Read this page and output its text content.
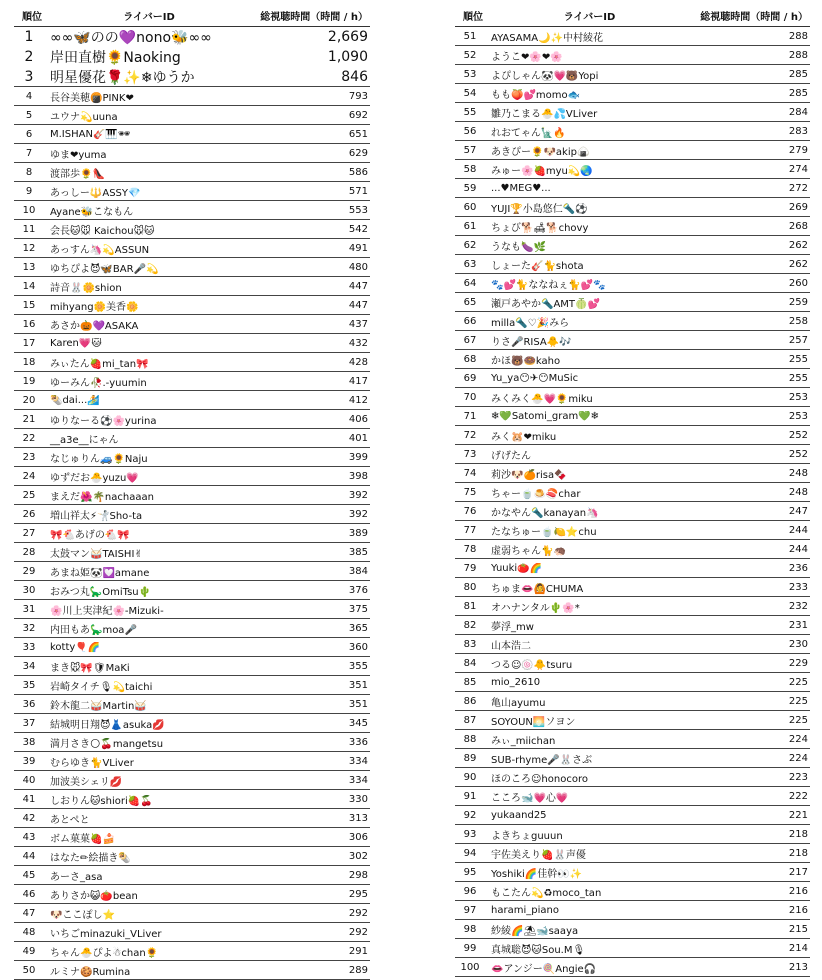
順位	ライバーID	総視聴時間（時間 / h）
1	∞∞🦋のの💜nono🐝∞∞	2,669
2	岸田直樹🌻Naoking	1,090
3	明星優花🌹✨❄ゆうか	846
4	長谷美穂🍘PINK❤	793
5	ユウナ💫uuna	692
6	M.ISHAN🎸🎹🕶	651
7	ゆま❤yuma	629
8	渡部歩🌻👠	586
9	あっしー🔱ASSY💎	571
10	Ayane🐝こなもん	553
11	会長🐱🐭 Kaichou🐭🐱	542
12	あっすん🦄💫ASSUN	491
13	ゆちぴよ😈🦋BAR🎤💫	480
14	詩音🐰🌼shion	447
15	mihyang🌼美香🌼	447
16	あさか🎃💜ASAKA	437
17	Karen💗🐱	432
18	みぃたん🍓mi_tan🎀	428
19	ゆーみん🥀.-yuumin	417
20	🌯dai...🏄	412
21	ゆりなーる⚽🌸yurina	406
22	__a3e__にゃん	401
23	なじゅりん🚙🌻Naju	399
24	ゆずだお🐣yuzu💗	398
25	まえだ🌺🌴nachaaan	392
26	増山祥太⚡🤺Sho-ta	392
27	🎀🐔あげの🐔🎀	389
28	太鼓マン🥁TAISHI✌	385
29	あまね姫🐼💟amane	384
30	おみつ丸🦕OmiTsu🌵	376
31	🌸川上実津紀🌸-Mizuki-	375
32	内田もあ🦕moa🎤	365
33	kotty🎈🌈	360
34	まき🐭🎀🛡MaKi	355
35	岩崎タイチ🎙💫taichi	351
36	鈴木龍二🥁Martin🥁	351
37	結城明日翔😈👗asuka💋	345
38	満月さき🌕🍒mangetsu	336
39	むらゆき🐈VLiver	334
40	加波美シェリ💋	334
41	しおりん🐱shiori🍓🍒	330
42	あとぺと	313
43	ボム菓菓🍓🍰	306
44	はなた✏絵描き🌯	302
45	あーさ_asa	298
46	ありさか😺🍅bean	295
47	🐶ここぽし⭐	292
48	いちごminazuki_VLiver	292
49	ちゃん🐣ぴよ☃chan🌻	291
50	ルミナ🍪Rumina	289
順位	ライバーID	総視聴時間（時間 / h）
51	AYASAMA🌙✨中村綾花	288
52	ようこ❤🌸❤🌸	288
53	よぴしゃん🐼💗🐻Yopi	285
54	もも🍑💕momo🐟	285
55	雛乃こまる🐣💦VLiver	284
56	れおてゃん🗽🔥	283
57	あきぴー🌻🐶akip🍙	279
58	みゅー🌸🍓myu💫🌏	274
59	...♥MEG♥...	272
60	YUJI🏆小島悠仁🔦⚽	269
61	ちょび🐕🛋🐕chovy	268
62	うなも🍆🌿	262
63	しょーた🎸🐈shota	262
64	🐾💕🐈ななねぇ🐈💕🐾	260
65	瀬戸あやか🔦AMT🍈💕	259
66	milla🔦♡🎉みら	258
67	りさ🎤RISA🐥🎶	257
68	かほ🐻🍩kaho	255
69	Yu_ya😶✈😶MuSic	255
70	みくみく🐣💗🌻miku	253
71	❄💚Satomi_gram💚❄	253
72	みく🐹❤miku	252
73	げげたん	252
74	莉沙🐶🍊risa🍫	248
75	ちゃー🍵🍮🍣char	248
76	かなやん🔦kanayan🦄	247
77	たなちゅー🍵🍋⭐chu	244
78	虚弱ちゃん🐈🦔	244
79	Yuuki🍅🌈	236
80	ちゅま👄🙆CHUMA	233
81	オハナンタル🌵🌸*	232
82	夢浮_mw	231
83	山本浩二	230
84	つる☺🍥🐥tsuru	229
85	mio_2610	225
86	亀山ayumu	225
87	SOYOUN🌅ソヨン	225
88	みぃ_miichan	224
89	SUB-rhyme🎤🐰さぶ	224
90	ほのころ☺honocoro	223
91	こころ🐋💗心💗	222
92	yukaand25	221
93	よきちょguuun	218
94	宇佐美えり🍓🐰声優	218
95	Yoshiki🌈佳幹👀✨	217
96	もこたん💫♻moco_tan	216
97	harami_piano	216
98	紗綾🌈⛱🐋saaya	215
99	真城聡😈🐱Sou.M🎙	214
100	👄アンジー🍭Angie🎧	213
